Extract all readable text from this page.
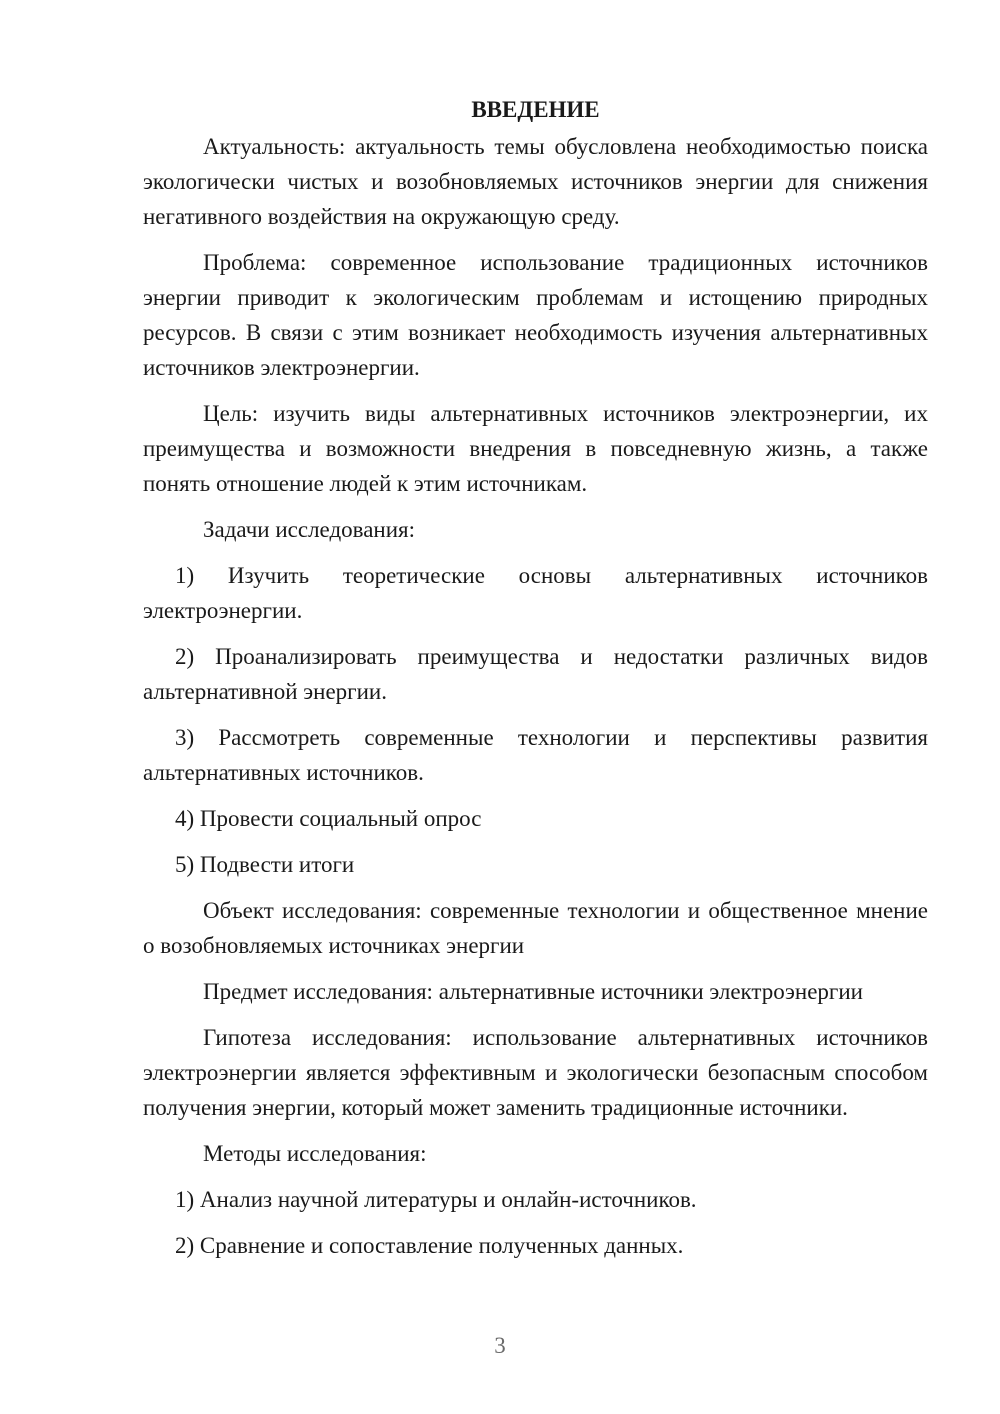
ВВЕДЕНИЕ

Актуальность: актуальность темы обусловлена необходимостью поиска экологически чистых и возобновляемых источников энергии для снижения негативного воздействия на окружающую среду.

Проблема: современное использование традиционных источников энергии приводит к экологическим проблемам и истощению природных ресурсов. В связи с этим возникает необходимость изучения альтернативных источников электроэнергии.

Цель: изучить виды альтернативных источников электроэнергии, их преимущества и возможности внедрения в повседневную жизнь, а также понять отношение людей к этим источникам.

Задачи исследования:

1) Изучить теоретические основы альтернативных источников электроэнергии.

2) Проанализировать преимущества и недостатки различных видов альтернативной энергии.

3) Рассмотреть современные технологии и перспективы развития альтернативных источников.

4) Провести социальный опрос

5) Подвести итоги

Объект исследования: современные технологии и общественное мнение о возобновляемых источниках энергии

Предмет исследования: альтернативные источники электроэнергии

Гипотеза исследования: использование альтернативных источников электроэнергии является эффективным и экологически безопасным способом получения энергии, который может заменить традиционные источники.

Методы исследования:

1) Анализ научной литературы и онлайн-источников.

2) Сравнение и сопоставление полученных данных.

3
